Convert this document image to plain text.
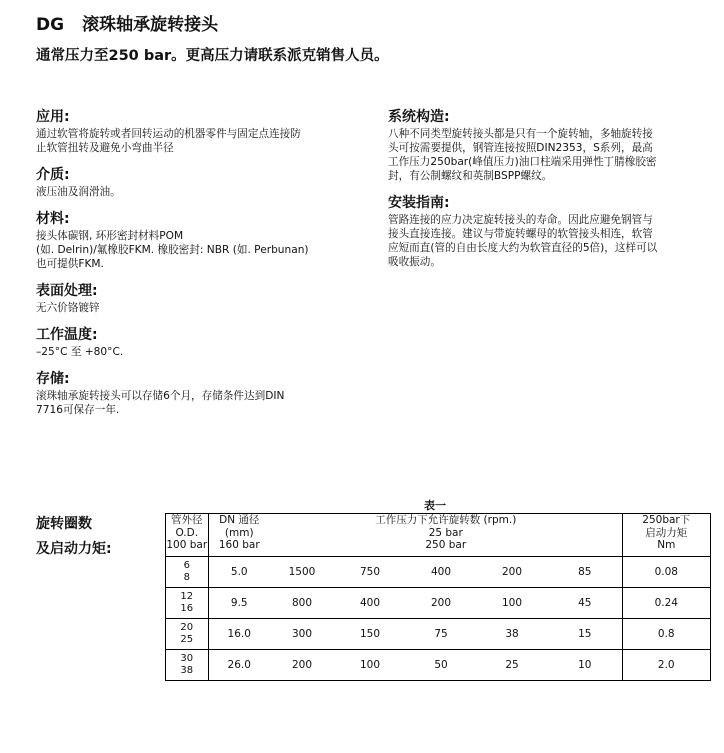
DG 滚珠轴承旋转接头
通常压力至250 bar。更高压力请联系派克销售人员。
应用:

通过软管将旋转或者回转运动的机器零件与固定点连接防
止软管扭转及避免小弯曲半径

介质:

液压油及润滑油。

材料:

接头体碳钢, 环形密封材料POM
(如. Delrin)/氟橡胶FKM. 橡胶密封: NBR (如. Perbunan)
也可提供FKM.

表面处理:

无六价铬镀锌

工作温度:

–25°C 至 +80°C.

存储:

滚珠轴承旋转接头可以存储6个月，存储条件达到DIN
7716可保存一年.

系统构造:

八种不同类型旋转接头都是只有一个旋转轴，多轴旋转接
头可按需要提供，钢管连接按照DIN2353，S系列，最高
工作压力250bar(峰值压力)油口柱端采用弹性丁腈橡胶密
封，有公制螺纹和英制BSPP螺纹。

安装指南:

管路连接的应力决定旋转接头的寿命。因此应避免钢管与
接头直接连接。建议与带旋转螺母的软管接头相连，软管
应短而直(管的自由长度大约为软管直径的5倍)，这样可以
吸收振动。

旋转圈数
及启动力矩:
表一
管外径
O.D.
100 bar	DN 通径
(mm)
160 bar	工作压力下允许旋转数 (rpm.)
25 bar
250 bar					250bar下
启动力矩
Nm
6
8	5.0	1500	750	400	200	85	0.08
12
16	9.5	800	400	200	100	45	0.24
20
25	16.0	300	150	75	38	15	0.8
30
38	26.0	200	100	50	25	10	2.0
